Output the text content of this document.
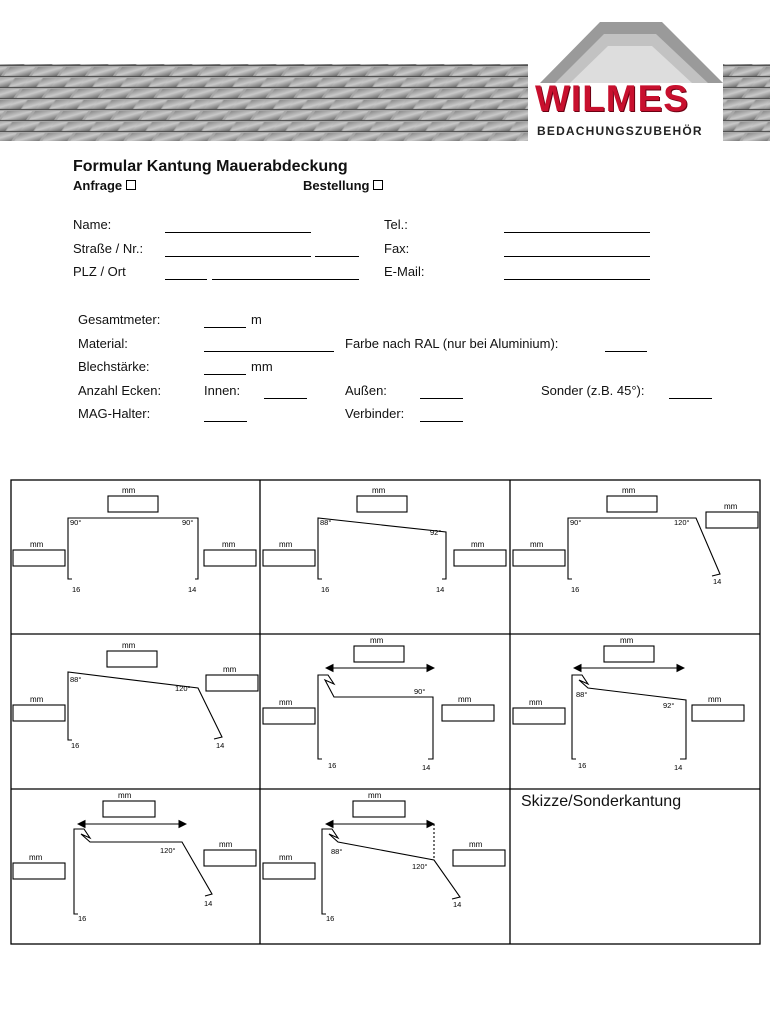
WILMES
BEDACHUNGSZUBEHÖR
Formular Kantung Mauerabdeckung
Anfrage	Bestellung
Name:
Straße / Nr.:
PLZ / Ort
Tel.:
Fax:
E-Mail:
Gesamtmeter:	m
Material:	Farbe nach RAL (nur bei Aluminium):
Blechstärke:	mm
Anzahl Ecken:	Innen:	Außen:	Sonder (z.B. 45°):
MAG-Halter:	Verbinder:
mm
90°	90°
mm	mm
16	14
mm
88°
92°
mm	mm
16	14
mm
mm
90°	120°
mm
16
14
mm
mm
88°
120°
mm
16	14
mm
90°
mm	mm
16	14
mm
88°
92°
mm	mm
16	14
mm
120°
mm
mm
16
14
mm
88°
120°
mm
mm
16
14
Skizze/Sonderkantung
